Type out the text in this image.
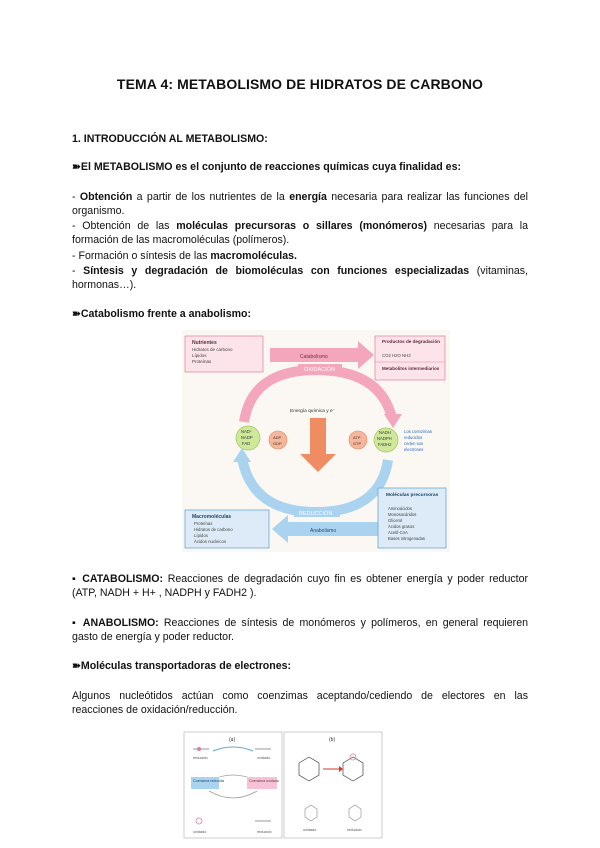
TEMA 4: METABOLISMO DE HIDRATOS DE CARBONO
1. INTRODUCCIÓN AL METABOLISMO:
➽El METABOLISMO es el conjunto de reacciones químicas cuya finalidad es:
- Obtención a partir de los nutrientes de la energía necesaria para realizar las funciones del organismo.
- Obtención de las moléculas precursoras o sillares (monómeros) necesarias para la formación de las macromoléculas (polímeros).
- Formación o síntesis de las macromoléculas.
- Síntesis y degradación de biomoléculas con funciones especializadas (vitaminas, hormonas…).
➽Catabolismo frente a anabolismo:
Nutrientes
Hidratos de carbono
Lípidos
Proteínas
Catabolismo
Productos de degradación
CO2 H2O NH3
Metabolitos intermediarios
OXIDACIÓN
Energía química y e⁻
NAD⁺
NADP
FAD
ADP
GDP
ATP
GTP
NADH
NADPH
FADH2
Los coenzimas
reducidos
ceden sus
electrones
REDUCCIÓN
Anabolismo
Macromoléculas
Proteínas
Hidratos de carbono
Lípidos
Ácidos nucleicos
Moléculas precursoras
Aminoácidos
Monosacáridos
Glicerol
Ácidos grasos
Acetil-CoA
Bases nitrogenadas
▪ CATABOLISMO: Reacciones de degradación cuyo fin es obtener energía y poder reductor (ATP, NADH + H+ , NADPH y FADH2 ).
▪ ANABOLISMO: Reacciones de síntesis de monómeros y polímeros, en general requieren gasto de energía y poder reductor.
➽Moléculas transportadoras de electrones:
Algunos nucleótidos actúan como coenzimas aceptando/cediendo de electores en las reacciones de oxidación/reducción.
(a)
reducido	oxidado
Coenzima reducida	Coenzima oxidada
oxidado	reducido
(b)
oxidado	reducido
